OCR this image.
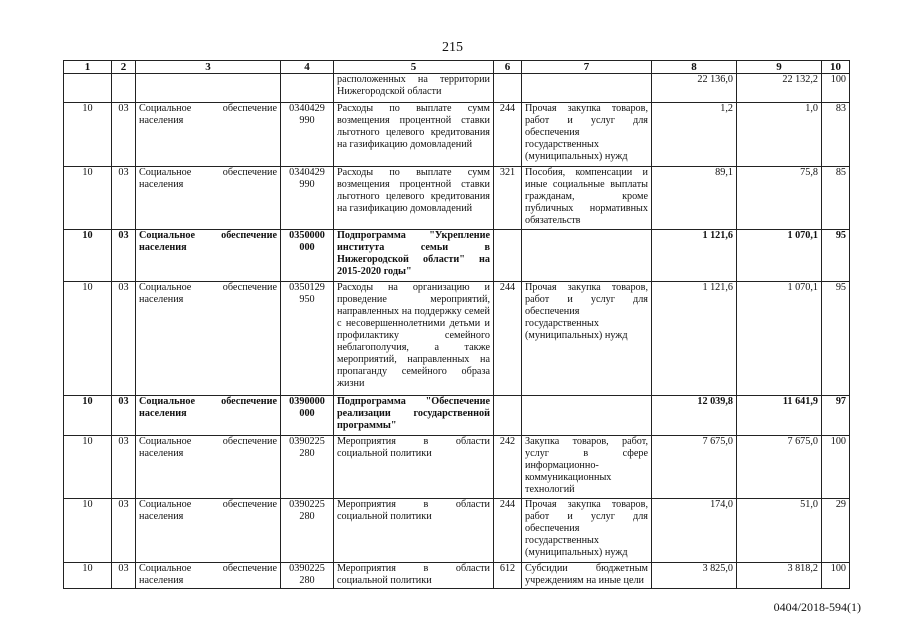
215
1	2	3	4	5	6	7	8	9	10
				расположенных на территории Нижегородской области			22 136,0	22 132,2	100
10	03	Социальное обеспечение населения	0340429 990	Расходы по выплате сумм возмещения процентной ставки льготного целевого кредитования на газификацию домовладений	244	Прочая закупка товаров, работ и услуг для обеспечения государственных (муниципальных) нужд	1,2	1,0	83
10	03	Социальное обеспечение населения	0340429 990	Расходы по выплате сумм возмещения процентной ставки льготного целевого кредитования на газификацию домовладений	321	Пособия, компенсации и иные социальные выплаты гражданам, кроме публичных нормативных обязательств	89,1	75,8	85
10	03	Социальное обеспечение населения	0350000 000	Подпрограмма "Укрепление института семьи в Нижегородской области" на 2015-2020 годы"			1 121,6	1 070,1	95
10	03	Социальное обеспечение населения	0350129 950	Расходы на организацию и проведение мероприятий, направленных на поддержку семей с несовершеннолетними детьми и профилактику семейного неблагополучия, а также мероприятий, направленных на пропаганду семейного образа жизни	244	Прочая закупка товаров, работ и услуг для обеспечения государственных (муниципальных) нужд	1 121,6	1 070,1	95
10	03	Социальное обеспечение населения	0390000 000	Подпрограмма "Обеспечение реализации государственной программы"			12 039,8	11 641,9	97
10	03	Социальное обеспечение населения	0390225 280	Мероприятия в области социальной политики	242	Закупка товаров, работ, услуг в сфере информационно-коммуникационных технологий	7 675,0	7 675,0	100
10	03	Социальное обеспечение населения	0390225 280	Мероприятия в области социальной политики	244	Прочая закупка товаров, работ и услуг для обеспечения государственных (муниципальных) нужд	174,0	51,0	29
10	03	Социальное обеспечение населения	0390225 280	Мероприятия в области социальной политики	612	Субсидии бюджетным учреждениям на иные цели	3 825,0	3 818,2	100
0404/2018-594(1)
